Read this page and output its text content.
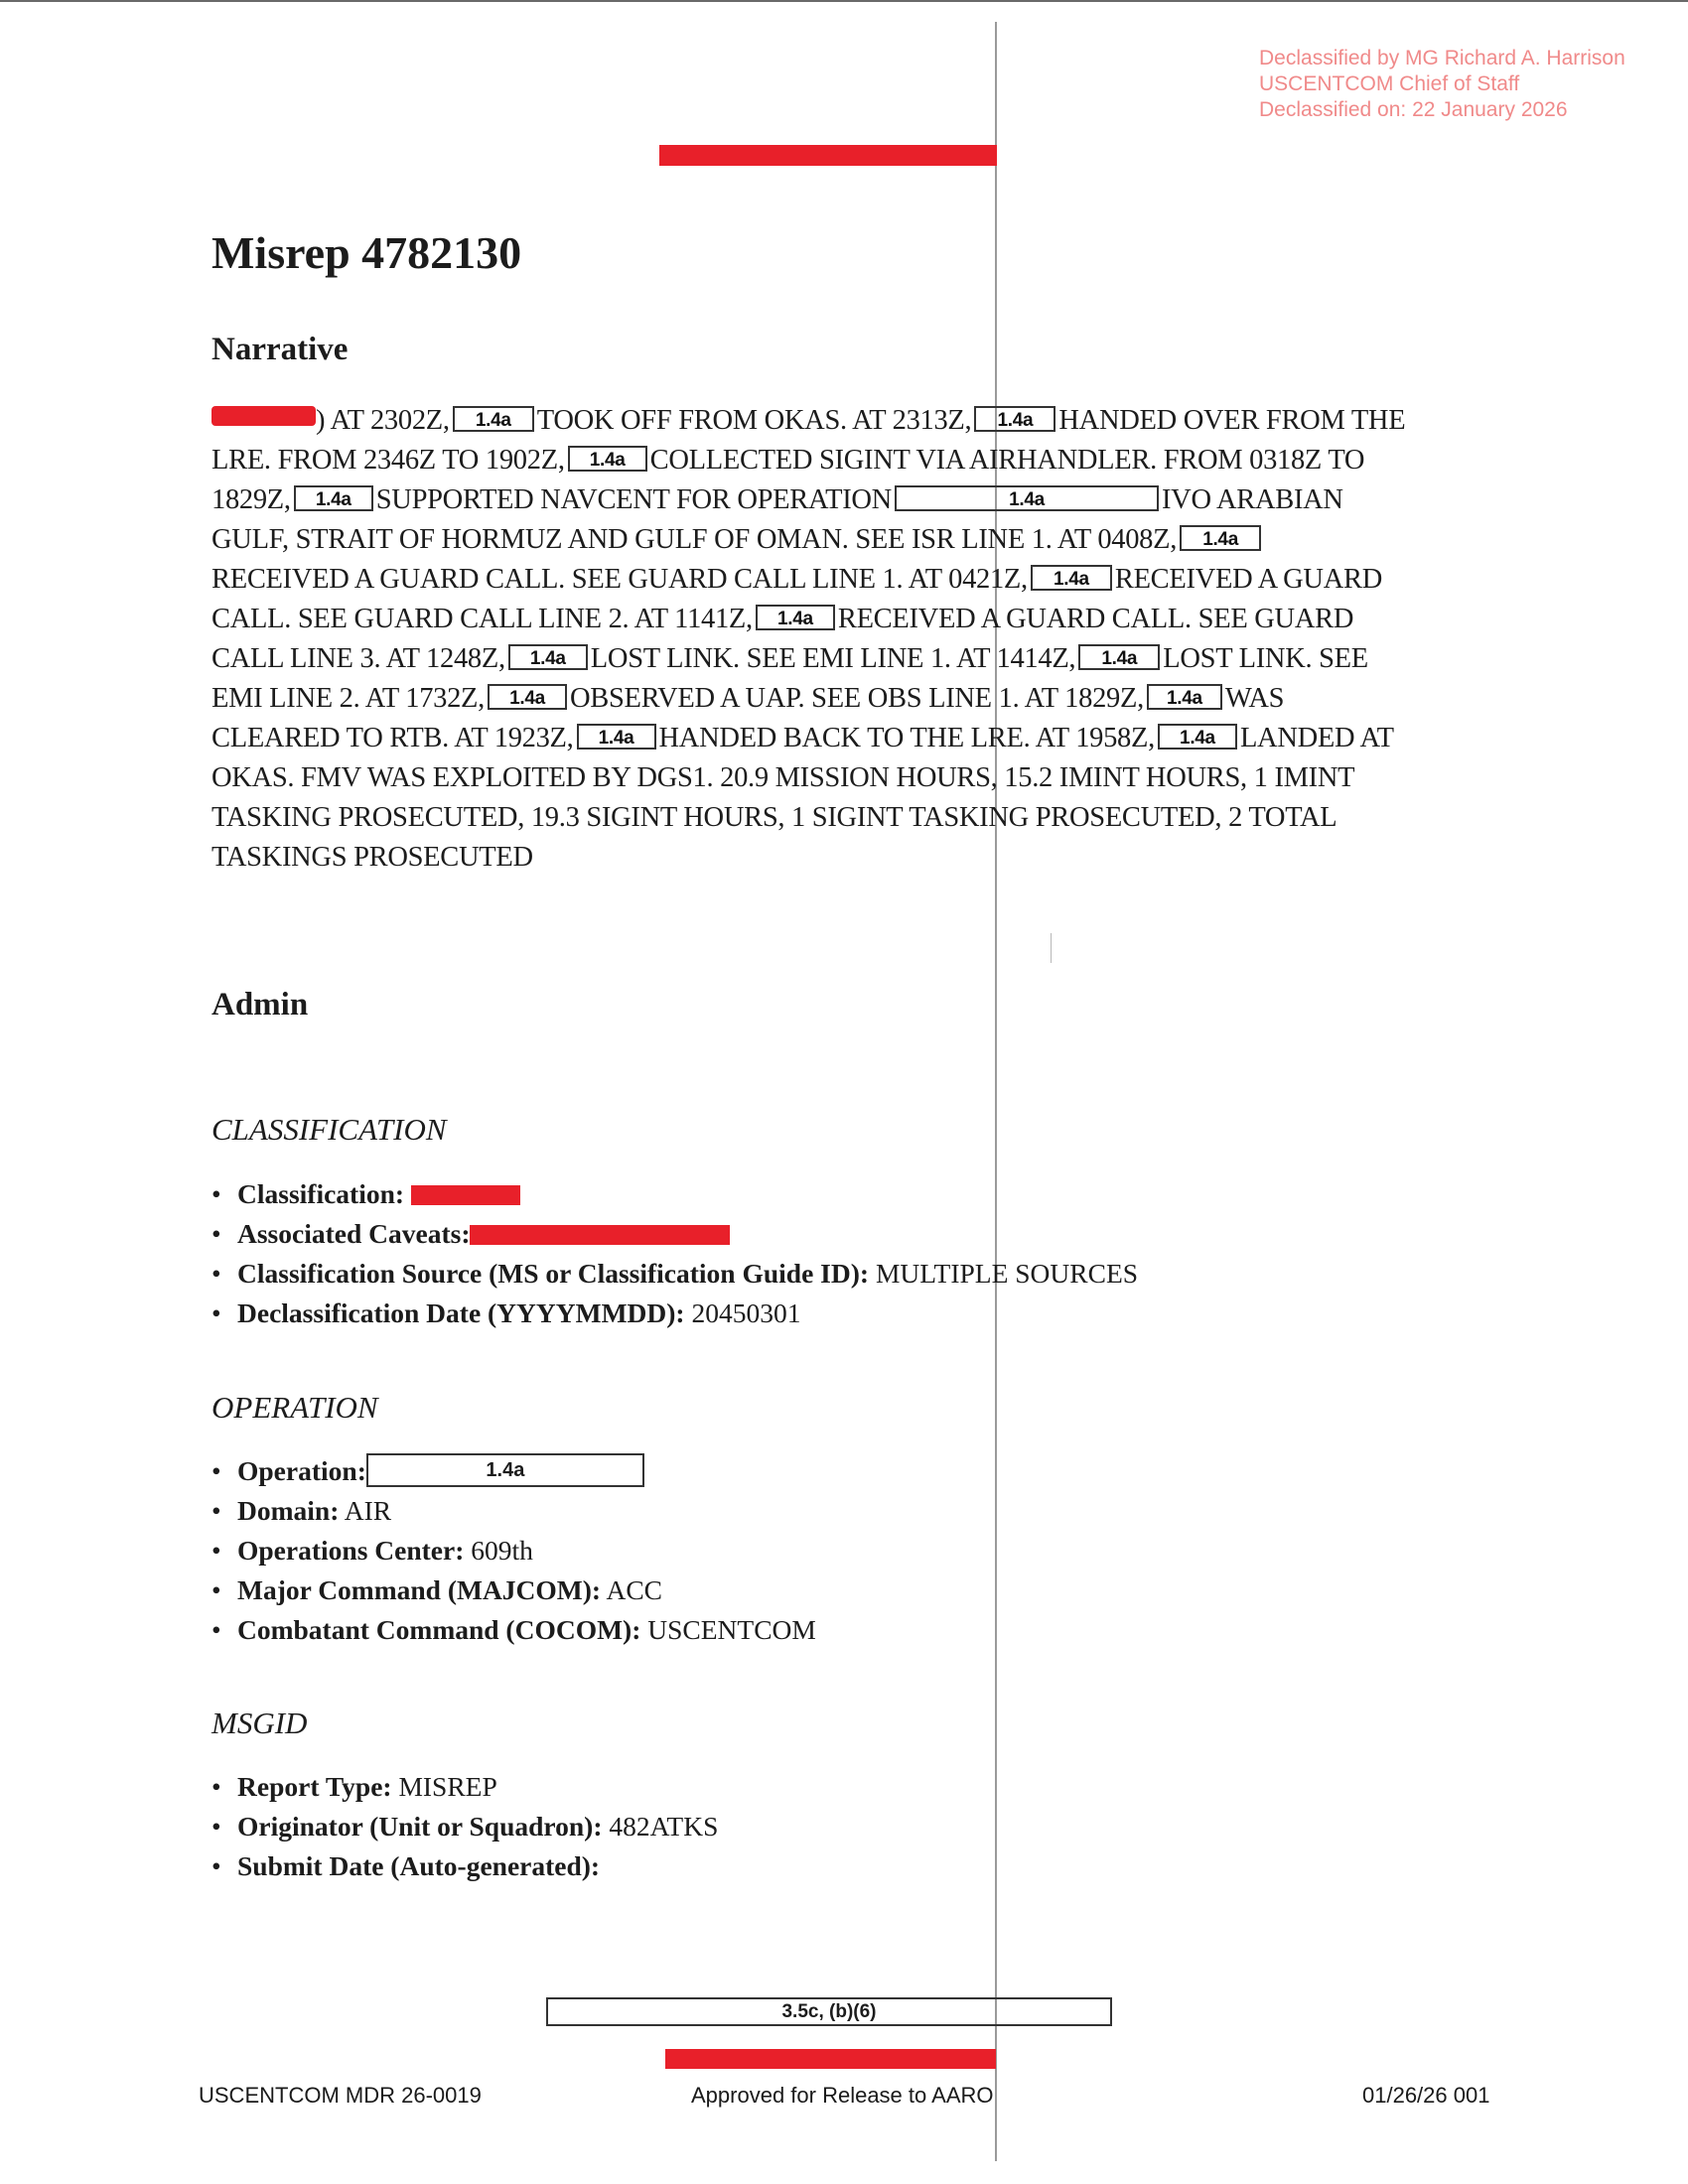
Declassified by MG Richard A. Harrison
USCENTCOM Chief of Staff
Declassified on: 22 January 2026
Misrep 4782130
Narrative
) AT 2302Z, 1.4a TOOK OFF FROM OKAS. AT 2313Z, 1.4a HANDED OVER FROM THE
LRE. FROM 2346Z TO 1902Z, 1.4a COLLECTED SIGINT VIA AIRHANDLER. FROM 0318Z TO
1829Z, 1.4a SUPPORTED NAVCENT FOR OPERATION	1.4a	IVO ARABIAN
GULF, STRAIT OF HORMUZ AND GULF OF OMAN. SEE ISR LINE 1. AT 0408Z, 1.4a
RECEIVED A GUARD CALL. SEE GUARD CALL LINE 1. AT 0421Z, 1.4a RECEIVED A GUARD
CALL. SEE GUARD CALL LINE 2. AT 1141Z, 1.4a RECEIVED A GUARD CALL. SEE GUARD
CALL LINE 3. AT 1248Z, 1.4a LOST LINK. SEE EMI LINE 1. AT 1414Z, 1.4a LOST LINK. SEE
EMI LINE 2. AT 1732Z, 1.4a OBSERVED A UAP. SEE OBS LINE 1. AT 1829Z, 1.4a WAS
CLEARED TO RTB. AT 1923Z, 1.4a HANDED BACK TO THE LRE. AT 1958Z, 1.4a LANDED AT
OKAS. FMV WAS EXPLOITED BY DGS1. 20.9 MISSION HOURS, 15.2 IMINT HOURS, 1 IMINT
TASKING PROSECUTED, 19.3 SIGINT HOURS, 1 SIGINT TASKING PROSECUTED, 2 TOTAL
TASKINGS PROSECUTED
Admin
CLASSIFICATION
• Classification:
• Associated Caveats:
• Classification Source (MS or Classification Guide ID): MULTIPLE SOURCES
• Declassification Date (YYYYMMDD): 20450301
OPERATION
• Operation:	1.4a
• Domain: AIR
• Operations Center: 609th
• Major Command (MAJCOM): ACC
• Combatant Command (COCOM): USCENTCOM
MSGID
• Report Type: MISREP
• Originator (Unit or Squadron): 482ATKS
• Submit Date (Auto-generated):
3.5c, (b)(6)
USCENTCOM MDR 26-0019	Approved for Release to AARO	01/26/26 001
